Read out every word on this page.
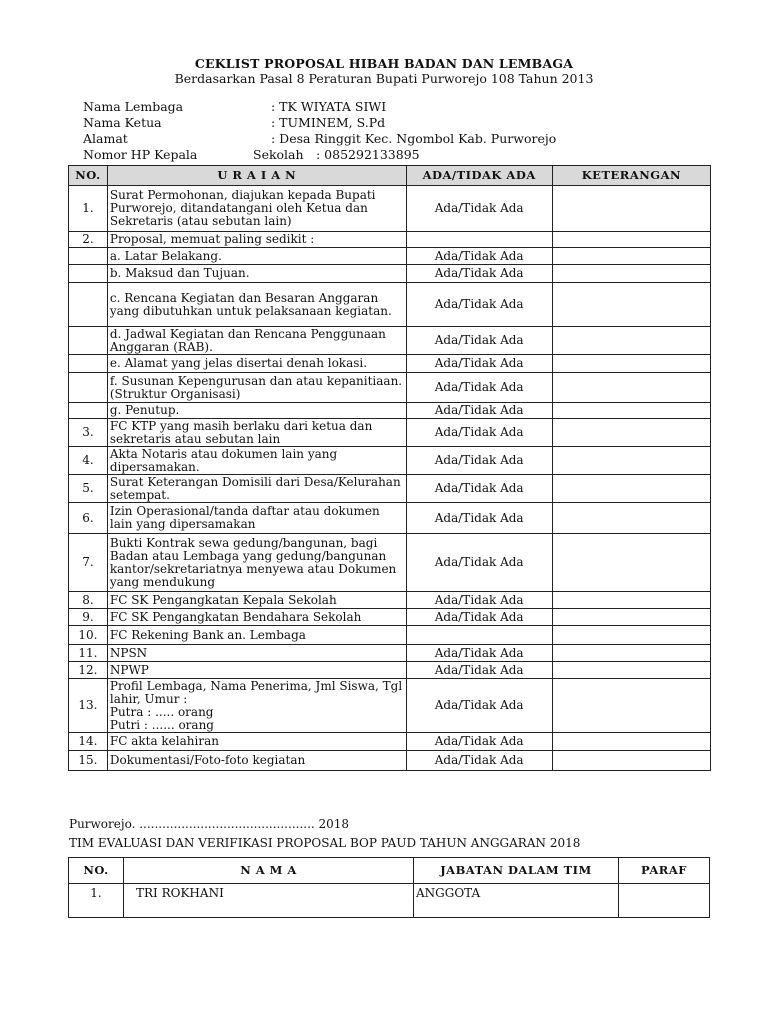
CEKLIST PROPOSAL HIBAH BADAN DAN LEMBAGA
Berdasarkan Pasal 8 Peraturan Bupati Purworejo 108 Tahun 2013
Nama Lembaga	: TK WIYATA SIWI
Nama Ketua	: TUMINEM, S.Pd
Alamat	: Desa Ringgit Kec. Ngombol Kab. Purworejo
Nomor HP Kepala	Sekolah : 085292133895
NO.	U R A I A N	ADA/TIDAK ADA	KETERANGAN
1.	Surat Permohonan, diajukan kepada Bupati Purworejo, ditandatangani oleh Ketua dan Sekretaris (atau sebutan lain)	Ada/Tidak Ada	
2.	Proposal, memuat paling sedikit :		
	a. Latar Belakang.	Ada/Tidak Ada	
	b. Maksud dan Tujuan.	Ada/Tidak Ada	
	c. Rencana Kegiatan dan Besaran Anggaran yang dibutuhkan untuk pelaksanaan kegiatan.	Ada/Tidak Ada	
	d. Jadwal Kegiatan dan Rencana Penggunaan Anggaran (RAB).	Ada/Tidak Ada	
	e. Alamat yang jelas disertai denah lokasi.	Ada/Tidak Ada	
	f. Susunan Kepengurusan dan atau kepanitiaan. (Struktur Organisasi)	Ada/Tidak Ada	
	g. Penutup.	Ada/Tidak Ada	
3.	FC KTP yang masih berlaku dari ketua dan sekretaris atau sebutan lain	Ada/Tidak Ada	
4.	Akta Notaris atau dokumen lain yang dipersamakan.	Ada/Tidak Ada	
5.	Surat Keterangan Domisili dari Desa/Kelurahan setempat.	Ada/Tidak Ada	
6.	Izin Operasional/tanda daftar atau dokumen lain yang dipersamakan	Ada/Tidak Ada	
7.	Bukti Kontrak sewa gedung/bangunan, bagi Badan atau Lembaga yang gedung/bangunan kantor/sekretariatnya menyewa atau Dokumen yang mendukung	Ada/Tidak Ada	
8.	FC SK Pengangkatan Kepala Sekolah	Ada/Tidak Ada	
9.	FC SK Pengangkatan Bendahara Sekolah	Ada/Tidak Ada	
10.	FC Rekening Bank an. Lembaga		
11.	NPSN	Ada/Tidak Ada	
12.	NPWP	Ada/Tidak Ada	
13.	Profil Lembaga, Nama Penerima, Jml Siswa, Tgl lahir, Umur :
Putra : ..... orang
Putri : ...... orang	Ada/Tidak Ada	
14.	FC akta kelahiran	Ada/Tidak Ada	
15.	Dokumentasi/Foto-foto kegiatan	Ada/Tidak Ada	
Purworejo. .............................................. 2018
TIM EVALUASI DAN VERIFIKASI PROPOSAL BOP PAUD TAHUN ANGGARAN 2018
NO.	N A M A	JABATAN DALAM TIM	PARAF
1.	TRI ROKHANI	ANGGOTA	
